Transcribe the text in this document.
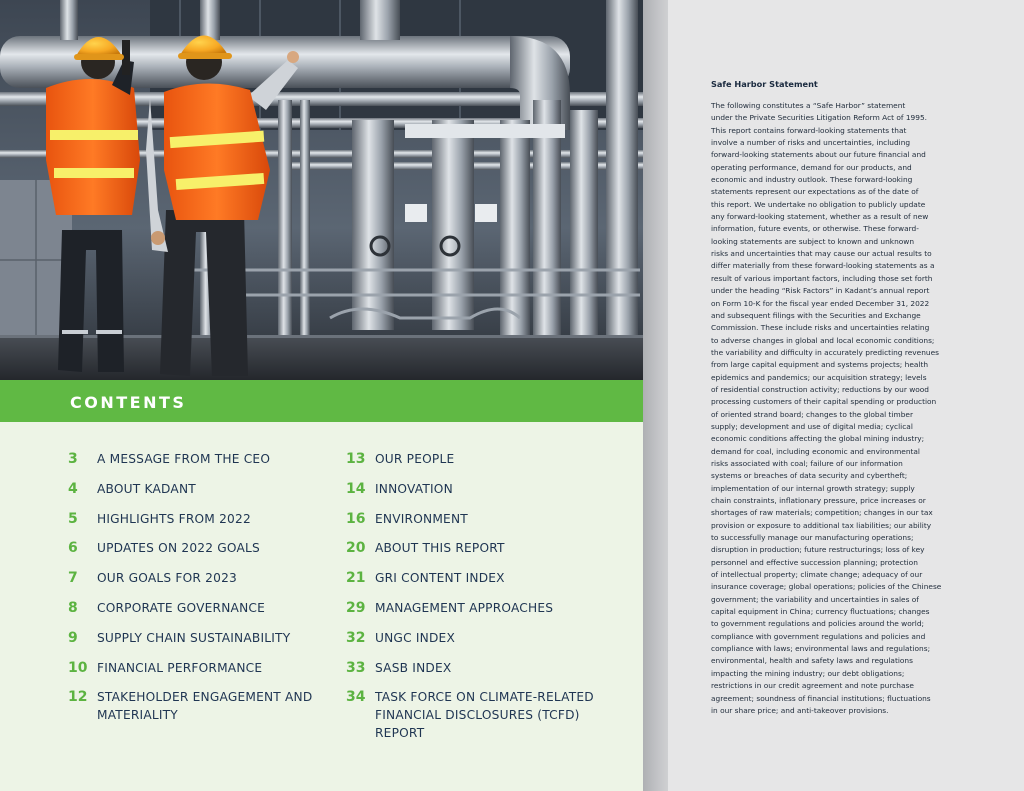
CONTENTS
3	A MESSAGE FROM THE CEO
4	ABOUT KADANT
5	HIGHLIGHTS FROM 2022
6	UPDATES ON 2022 GOALS
7	OUR GOALS FOR 2023
8	CORPORATE GOVERNANCE
9	SUPPLY CHAIN SUSTAINABILITY
10 FINANCIAL PERFORMANCE
12 STAKEHOLDER ENGAGEMENT AND MATERIALITY
13 OUR PEOPLE
14 INNOVATION
16 ENVIRONMENT
20 ABOUT THIS REPORT
21 GRI CONTENT INDEX
29 MANAGEMENT APPROACHES
32 UNGC INDEX
33 SASB INDEX
34 TASK FORCE ON CLIMATE-RELATED FINANCIAL DISCLOSURES (TCFD) REPORT
Safe Harbor Statement
The following constitutes a “Safe Harbor” statement
under the Private Securities Litigation Reform Act of 1995.
This report contains forward-looking statements that
involve a number of risks and uncertainties, including
forward-looking statements about our future financial and
operating performance, demand for our products, and
economic and industry outlook. These forward-looking
statements represent our expectations as of the date of
this report. We undertake no obligation to publicly update
any forward-looking statement, whether as a result of new
information, future events, or otherwise. These forward-
looking statements are subject to known and unknown
risks and uncertainties that may cause our actual results to
differ materially from these forward-looking statements as a
result of various important factors, including those set forth
under the heading “Risk Factors” in Kadant’s annual report
on Form 10-K for the fiscal year ended December 31, 2022
and subsequent filings with the Securities and Exchange
Commission. These include risks and uncertainties relating
to adverse changes in global and local economic conditions;
the variability and difficulty in accurately predicting revenues
from large capital equipment and systems projects; health
epidemics and pandemics; our acquisition strategy; levels
of residential construction activity; reductions by our wood
processing customers of their capital spending or production
of oriented strand board; changes to the global timber
supply; development and use of digital media; cyclical
economic conditions affecting the global mining industry;
demand for coal, including economic and environmental
risks associated with coal; failure of our information
systems or breaches of data security and cybertheft;
implementation of our internal growth strategy; supply
chain constraints, inflationary pressure, price increases or
shortages of raw materials; competition; changes in our tax
provision or exposure to additional tax liabilities; our ability
to successfully manage our manufacturing operations;
disruption in production; future restructurings; loss of key
personnel and effective succession planning; protection
of intellectual property; climate change; adequacy of our
insurance coverage; global operations; policies of the Chinese
government; the variability and uncertainties in sales of
capital equipment in China; currency fluctuations; changes
to government regulations and policies around the world;
compliance with government regulations and policies and
compliance with laws; environmental laws and regulations;
environmental, health and safety laws and regulations
impacting the mining industry; our debt obligations;
restrictions in our credit agreement and note purchase
agreement; soundness of financial institutions; fluctuations
in our share price; and anti-takeover provisions.
